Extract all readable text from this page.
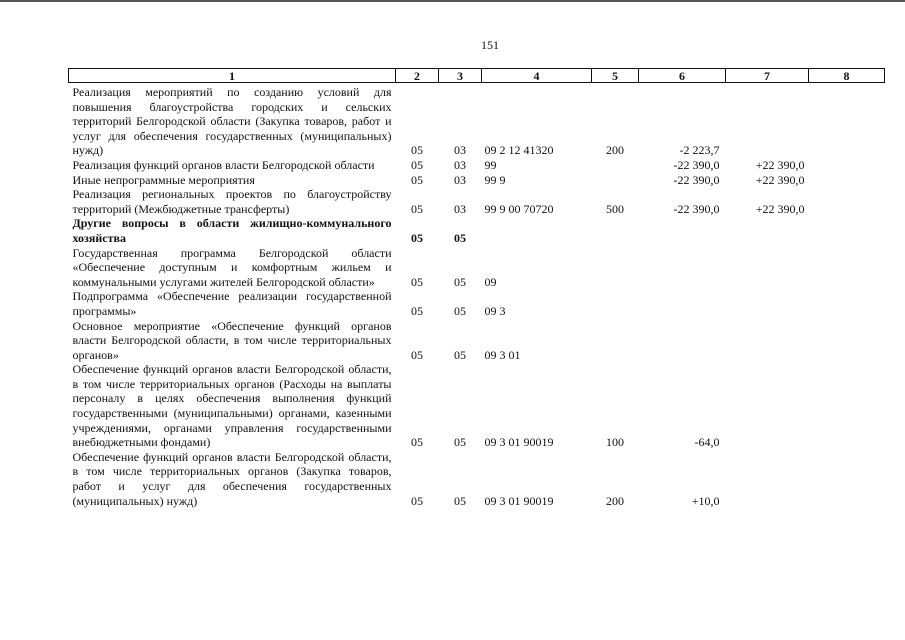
151
1	2	3	4	5	6	7	8
Реализация мероприятий по созданию условий для повышения благоустройства городских и сельских территорий Белгородской области (Закупка товаров, работ и услуг для обеспечения государственных (муниципальных) нужд)	05	03	09 2 12 41320	200	-2 223,7		
Реализация функций органов власти Белгородской области	05	03	99		-22 390,0	+22 390,0	
Иные непрограммные мероприятия	05	03	99 9		-22 390,0	+22 390,0	
Реализация региональных проектов по благоустройству территорий (Межбюджетные трансферты)	05	03	99 9 00 70720	500	-22 390,0	+22 390,0	
Другие вопросы в области жилищно-коммунального хозяйства	05	05					
Государственная программа Белгородской области «Обеспечение доступным и комфортным жильем и коммунальными услугами жителей Белгородской области»	05	05	09				
Подпрограмма «Обеспечение реализации государственной программы»	05	05	09 3				
Основное мероприятие «Обеспечение функций органов власти Белгородской области, в том числе территориальных органов»	05	05	09 3 01				
Обеспечение функций органов власти Белгородской области, в том числе территориальных органов (Расходы на выплаты персоналу в целях обеспечения выполнения функций государственными (муниципальными) органами, казенными учреждениями, органами управления государственными внебюджетными фондами)	05	05	09 3 01 90019	100	-64,0		
Обеспечение функций органов власти Белгородской области, в том числе территориальных органов (Закупка товаров, работ и услуг для обеспечения государственных (муниципальных) нужд)	05	05	09 3 01 90019	200	+10,0		
